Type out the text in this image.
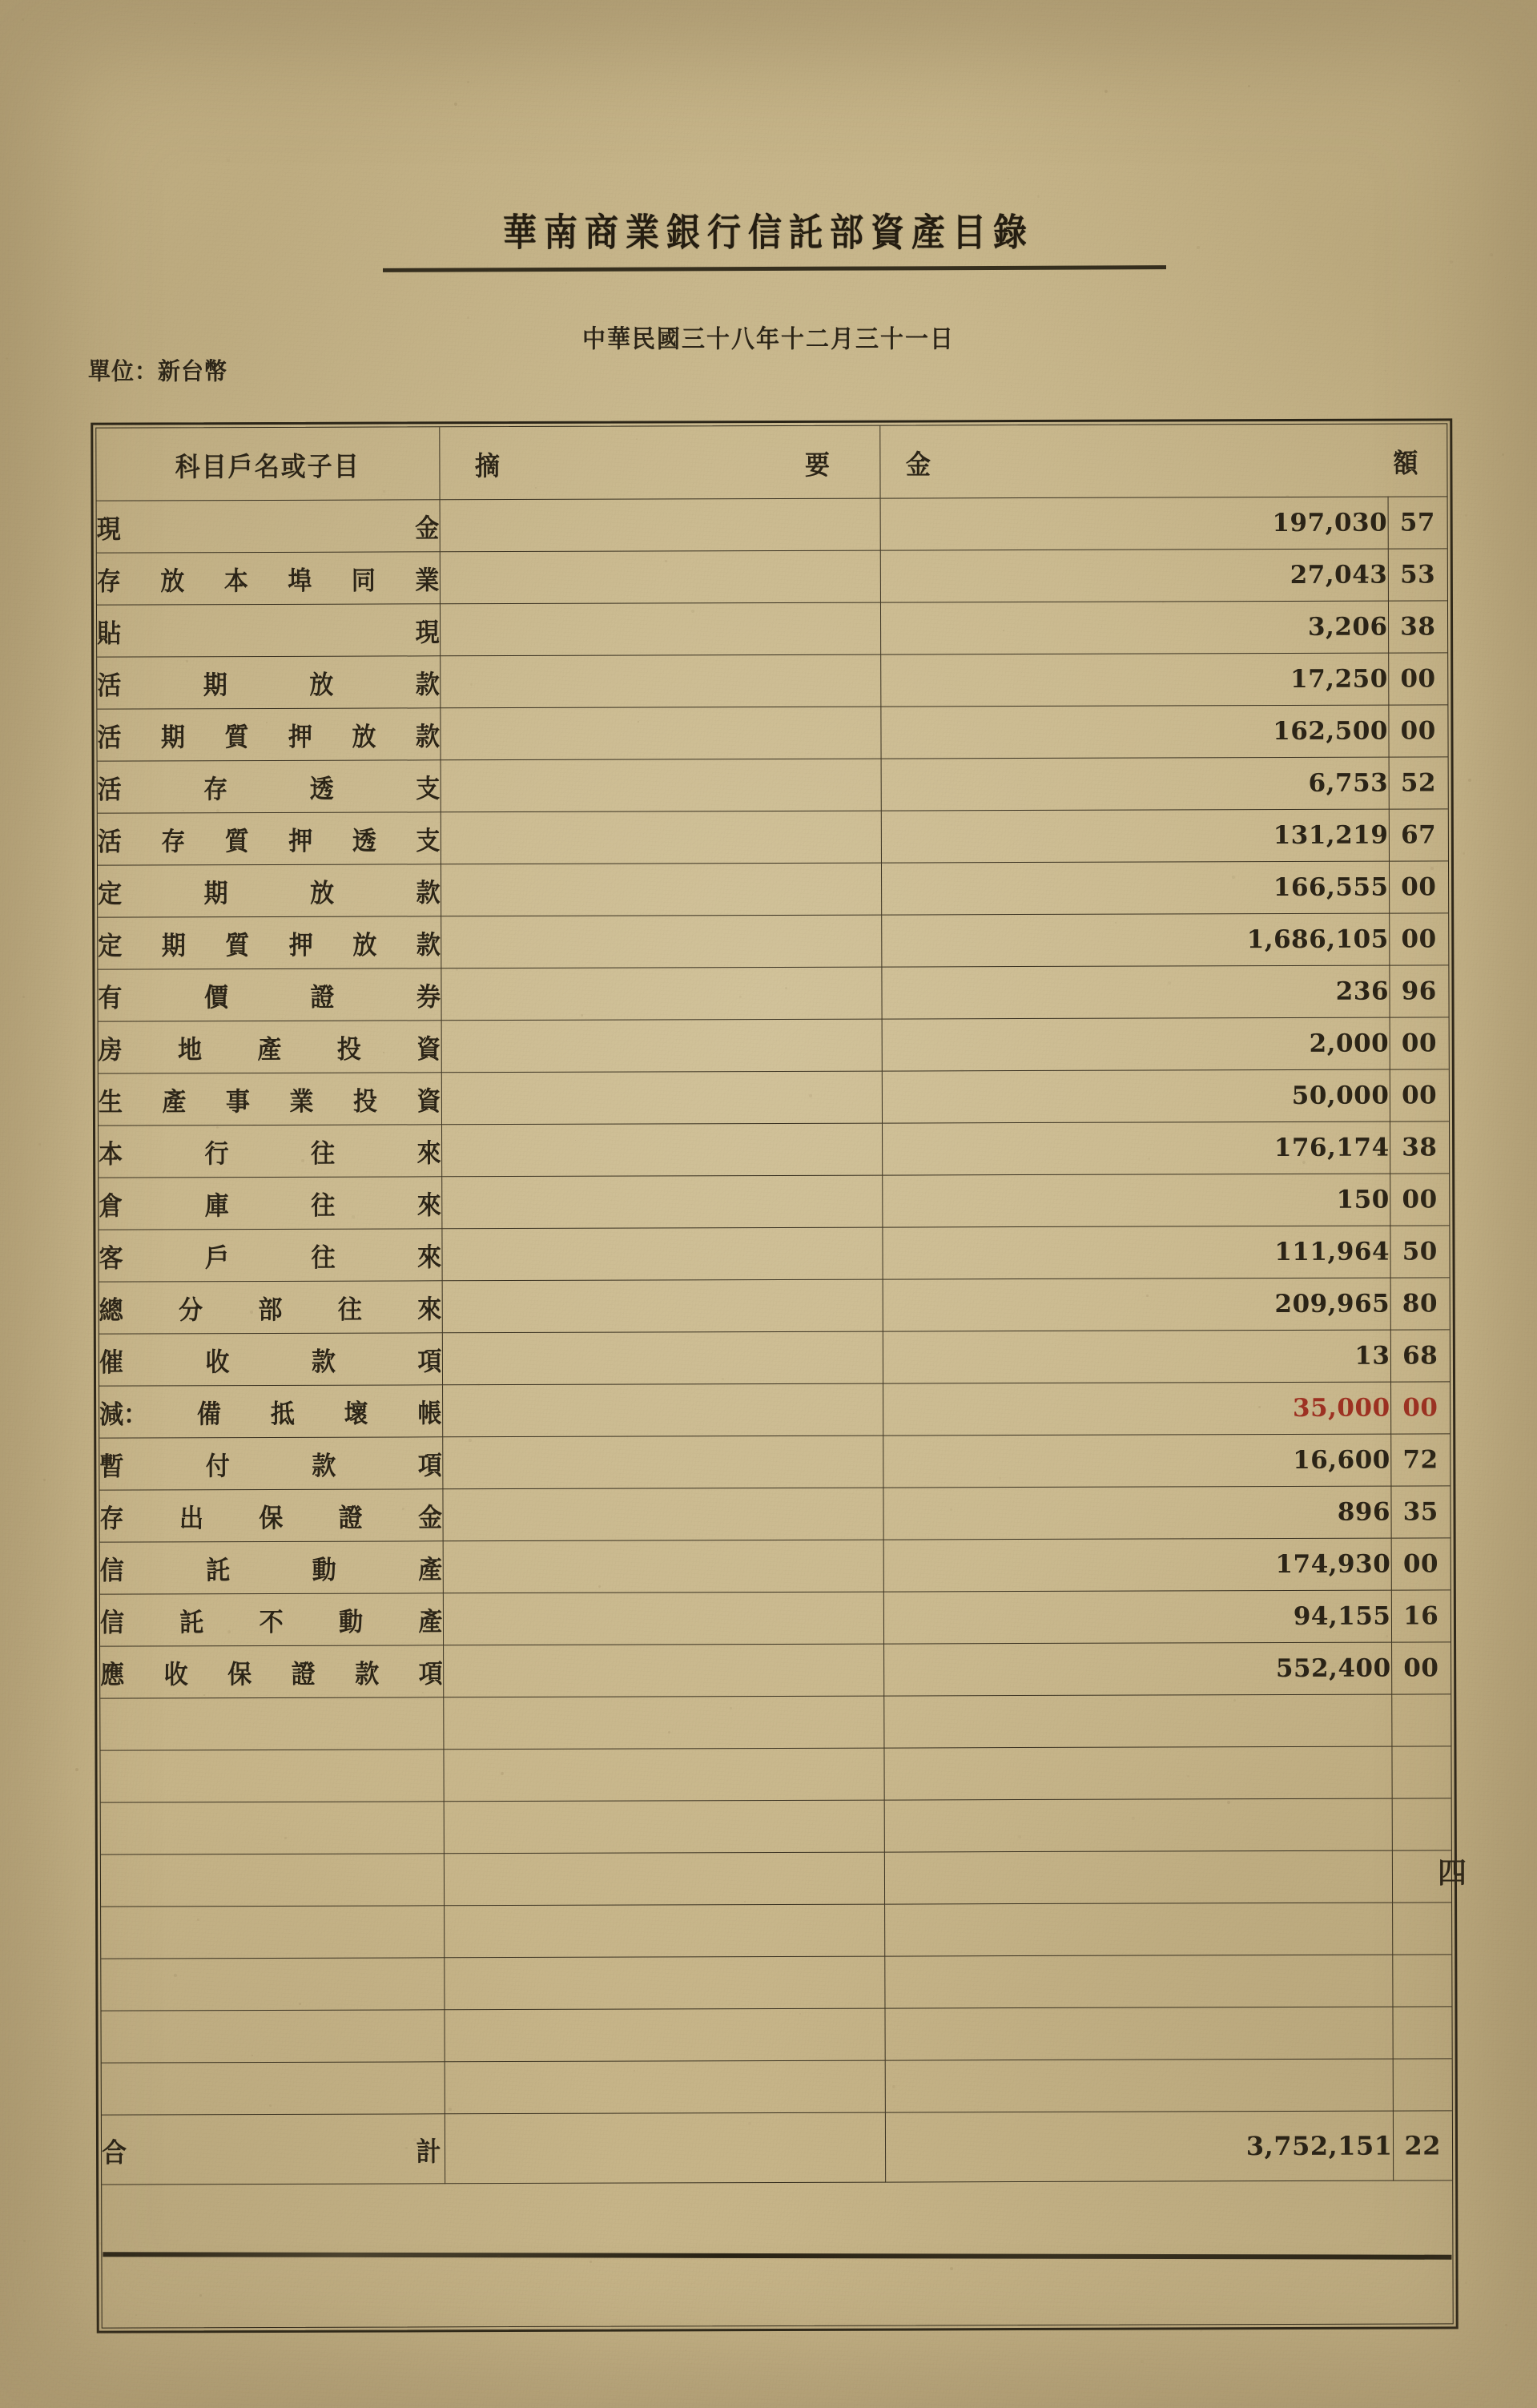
華南商業銀行信託部資產目錄
中華民國三十八年十二月三十一日
單位：新台幣
四
科目戶名或子目	摘 要	金 額	

現 金		197,030	57

存 放 本 埠 同 業		27,043	53

貼 現		3,206	38

活 期 放 款		17,250	00

活 期 質 押 放 款		162,500	00

活 存 透 支		6,753	52

活 存 質 押 透 支		131,219	67

定 期 放 款		166,555	00

定 期 質 押 放 款		1,686,105	00

有 價 證 券		236	96

房 地 產 投 資		2,000	00

生 產 事 業 投 資		50,000	00

本 行 往 來		176,174	38

倉 庫 往 來		150	00

客 戶 往 來		111,964	50

總 分 部 往 來		209,965	80

催 收 款 項		13	68

減： 備 抵 壞 帳		35,000	00

暫 付 款 項		16,600	72

存 出 保 證 金		896	35

信 託 動 產		174,930	00

信 託 不 動 產		94,155	16

應 收 保 證 款 項		552,400	00

合 計		3,752,151	22
